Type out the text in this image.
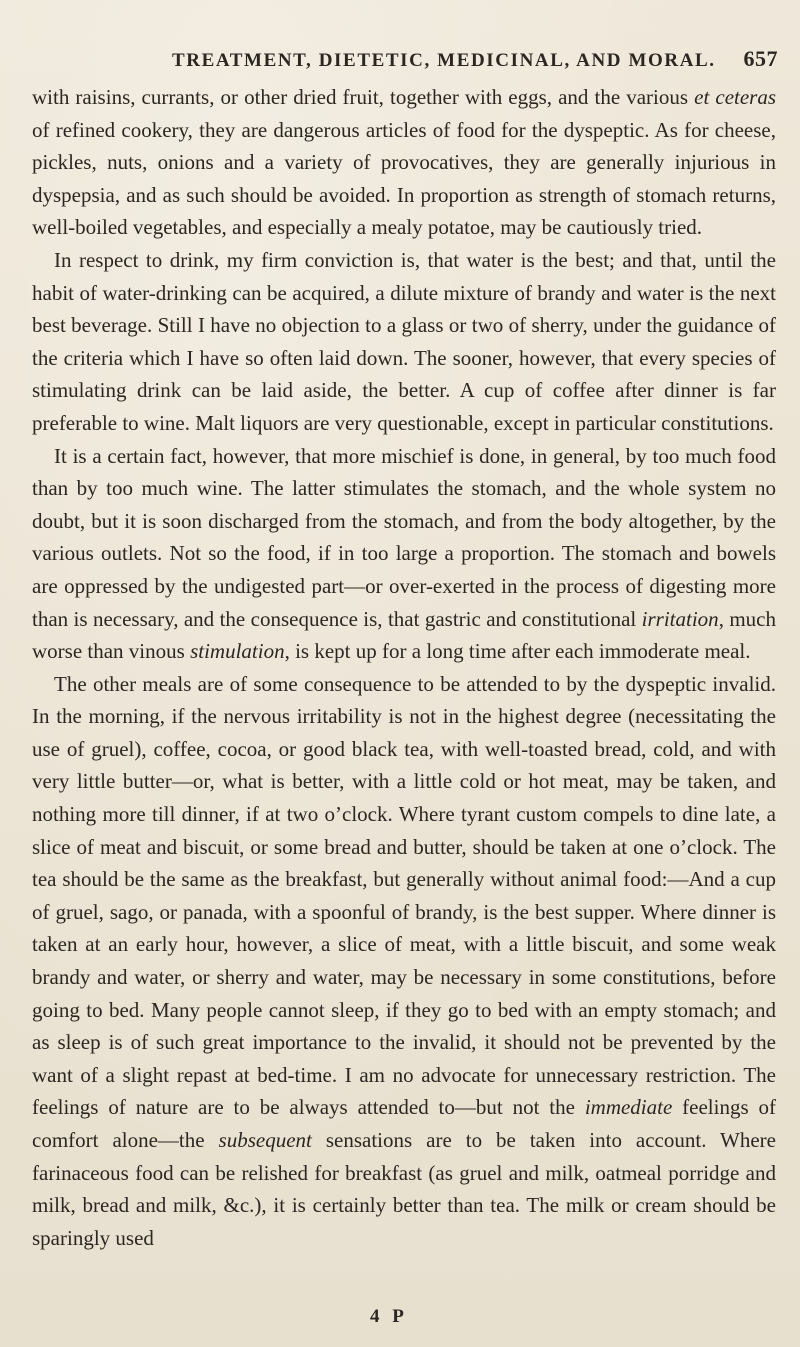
TREATMENT, DIETETIC, MEDICINAL, AND MORAL. 657

with raisins, currants, or other dried fruit, together with eggs, and the various et ceteras of refined cookery, they are dangerous articles of food for the dyspeptic. As for cheese, pickles, nuts, onions and a variety of provocatives, they are generally injurious in dyspepsia, and as such should be avoided. In proportion as strength of stomach returns, well-boiled vegetables, and especially a mealy potatoe, may be cautiously tried.

In respect to drink, my firm conviction is, that water is the best; and that, until the habit of water-drinking can be acquired, a dilute mixture of brandy and water is the next best beverage. Still I have no objection to a glass or two of sherry, under the guidance of the criteria which I have so often laid down. The sooner, however, that every species of stimulating drink can be laid aside, the better. A cup of coffee after dinner is far preferable to wine. Malt liquors are very questionable, except in particular constitutions.

It is a certain fact, however, that more mischief is done, in general, by too much food than by too much wine. The latter stimulates the stomach, and the whole system no doubt, but it is soon discharged from the stomach, and from the body altogether, by the various outlets. Not so the food, if in too large a proportion. The stomach and bowels are oppressed by the undigested part—or over-exerted in the process of digesting more than is necessary, and the consequence is, that gastric and constitutional irritation, much worse than vinous stimulation, is kept up for a long time after each immoderate meal.

The other meals are of some consequence to be attended to by the dyspeptic invalid. In the morning, if the nervous irritability is not in the highest degree (necessitating the use of gruel), coffee, cocoa, or good black tea, with well-toasted bread, cold, and with very little butter—or, what is better, with a little cold or hot meat, may be taken, and nothing more till dinner, if at two o’clock. Where tyrant custom compels to dine late, a slice of meat and biscuit, or some bread and butter, should be taken at one o’clock. The tea should be the same as the breakfast, but generally without animal food:—And a cup of gruel, sago, or panada, with a spoonful of brandy, is the best supper. Where dinner is taken at an early hour, however, a slice of meat, with a little biscuit, and some weak brandy and water, or sherry and water, may be necessary in some constitutions, before going to bed. Many people cannot sleep, if they go to bed with an empty stomach; and as sleep is of such great importance to the invalid, it should not be prevented by the want of a slight repast at bed-time. I am no advocate for unnecessary restriction. The feelings of nature are to be always attended to—but not the immediate feelings of comfort alone—the subsequent sensations are to be taken into account. Where farinaceous food can be relished for breakfast (as gruel and milk, oatmeal porridge and milk, bread and milk, &c.), it is certainly better than tea. The milk or cream should be sparingly used

4 P
